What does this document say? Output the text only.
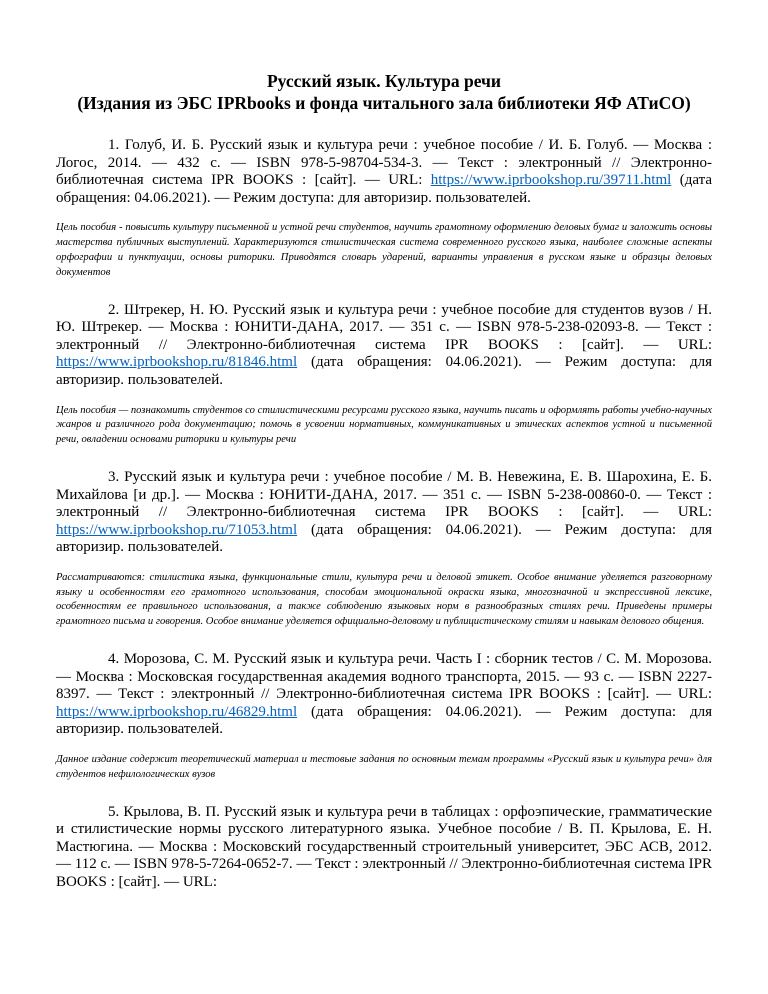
Русский язык. Культура речи
(Издания из ЭБС IPRbooks и фонда читального зала библиотеки ЯФ АТиСО)

1. Голуб, И. Б. Русский язык и культура речи : учебное пособие / И. Б. Голуб. — Москва : Логос, 2014. — 432 c. — ISBN 978-5-98704-534-3. — Текст : электронный // Электронно-библиотечная система IPR BOOKS : [сайт]. — URL: https://www.iprbookshop.ru/39711.html (дата обращения: 04.06.2021). — Режим доступа: для авторизир. пользователей.

Цель пособия - повысить культуру письменной и устной речи студентов, научить грамотному оформлению деловых бумаг и заложить основы мастерства публичных выступлений. Характеризуются стилистическая система современного русского языка, наиболее сложные аспекты орфографии и пунктуации, основы риторики. Приводятся словарь ударений, варианты управления в русском языке и образцы деловых документов

2. Штрекер, Н. Ю. Русский язык и культура речи : учебное пособие для студентов вузов / Н. Ю. Штрекер. — Москва : ЮНИТИ-ДАНА, 2017. — 351 c. — ISBN 978-5-238-02093-8. — Текст : электронный // Электронно-библиотечная система IPR BOOKS : [сайт]. — URL: https://www.iprbookshop.ru/81846.html (дата обращения: 04.06.2021). — Режим доступа: для авторизир. пользователей.

Цель пособия — познакомить студентов со стилистическими ресурсами русского языка, научить писать и оформлять работы учебно-научных жанров и различного рода документацию; помочь в усвоении нормативных, коммуникативных и этических аспектов устной и письменной речи, овладении основами риторики и культуры речи

3. Русский язык и культура речи : учебное пособие / М. В. Невежина, Е. В. Шарохина, Е. Б. Михайлова [и др.]. — Москва : ЮНИТИ-ДАНА, 2017. — 351 c. — ISBN 5-238-00860-0. — Текст : электронный // Электронно-библиотечная система IPR BOOKS : [сайт]. — URL: https://www.iprbookshop.ru/71053.html (дата обращения: 04.06.2021). — Режим доступа: для авторизир. пользователей.

Рассматриваются: стилистика языка, функциональные стили, культура речи и деловой этикет. Особое внимание уделяется разговорному языку и особенностям его грамотного использования, способам эмоциональной окраски языка, многозначной и экспрессивной лексике, особенностям ее правильного использования, а также соблюдению языковых норм в разнообразных стилях речи. Приведены примеры грамотного письма и говорения. Особое внимание уделяется официально-деловому и публицистическому стилям и навыкам делового общения.

4. Морозова, С. М. Русский язык и культура речи. Часть I : сборник тестов / С. М. Морозова. — Москва : Московская государственная академия водного транспорта, 2015. — 93 c. — ISBN 2227-8397. — Текст : электронный // Электронно-библиотечная система IPR BOOKS : [сайт]. — URL: https://www.iprbookshop.ru/46829.html (дата обращения: 04.06.2021). — Режим доступа: для авторизир. пользователей.

Данное издание содержит теоретический материал и тестовые задания по основным темам программы «Русский язык и культура речи» для студентов нефилологических вузов

5. Крылова, В. П. Русский язык и культура речи в таблицах : орфоэпические, грамматические и стилистические нормы русского литературного языка. Учебное пособие / В. П. Крылова, Е. Н. Мастюгина. — Москва : Московский государственный строительный университет, ЭБС АСВ, 2012. — 112 c. — ISBN 978-5-7264-0652-7. — Текст : электронный // Электронно-библиотечная система IPR BOOKS : [сайт]. — URL:
